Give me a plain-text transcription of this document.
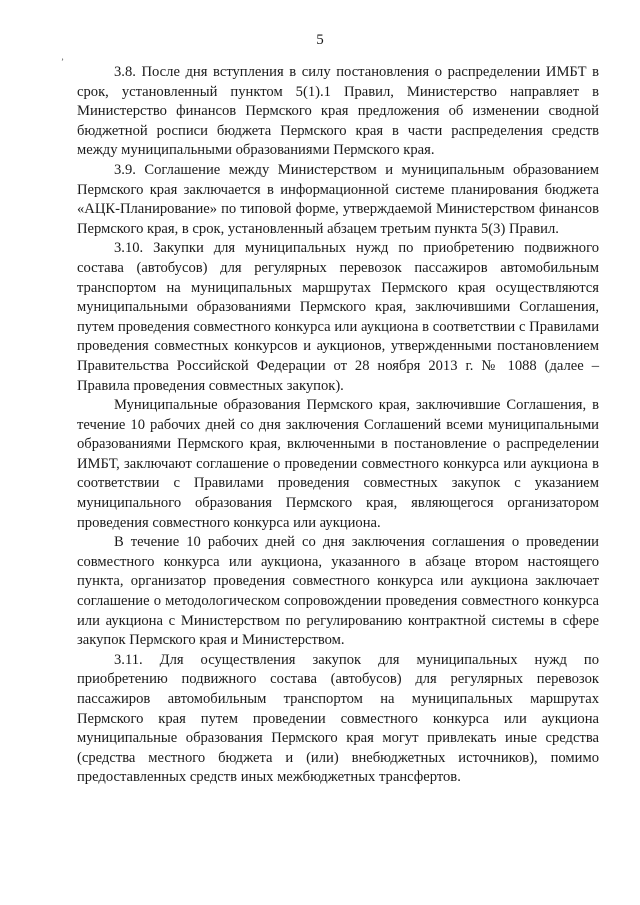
5
ʼ

3.8. После дня вступления в силу постановления о распределении ИМБТ в срок, установленный пунктом 5(1).1 Правил, Министерство направляет в Министерство финансов Пермского края предложения об изменении сводной бюджетной росписи бюджета Пермского края в части распределения средств между муниципальными образованиями Пермского края.

3.9. Соглашение между Министерством и муниципальным образованием Пермского края заключается в информационной системе планирования бюджета «АЦК-Планирование» по типовой форме, утверждаемой Министерством финансов Пермского края, в срок, установленный абзацем третьим пункта 5(3) Правил.

3.10. Закупки для муниципальных нужд по приобретению подвижного состава (автобусов) для регулярных перевозок пассажиров автомобильным транспортом на муниципальных маршрутах Пермского края осуществляются муниципальными образованиями Пермского края, заключившими Соглашения, путем проведения совместного конкурса или аукциона в соответствии с Правилами проведения совместных конкурсов и аукционов, утвержденными постановлением Правительства Российской Федерации от 28 ноября 2013 г. № 1088 (далее – Правила проведения совместных закупок).

Муниципальные образования Пермского края, заключившие Соглашения, в течение 10 рабочих дней со дня заключения Соглашений всеми муниципальными образованиями Пермского края, включенными в постановление о распределении ИМБТ, заключают соглашение о проведении совместного конкурса или аукциона в соответствии с Правилами проведения совместных закупок с указанием муниципального образования Пермского края, являющегося организатором проведения совместного конкурса или аукциона.

В течение 10 рабочих дней со дня заключения соглашения о проведении совместного конкурса или аукциона, указанного в абзаце втором настоящего пункта, организатор проведения совместного конкурса или аукциона заключает соглашение о методологическом сопровождении проведения совместного конкурса или аукциона с Министерством по регулированию контрактной системы в сфере закупок Пермского края и Министерством.

3.11. Для осуществления закупок для муниципальных нужд по приобретению подвижного состава (автобусов) для регулярных перевозок пассажиров автомобильным транспортом на муниципальных маршрутах Пермского края путем проведении совместного конкурса или аукциона муниципальные образования Пермского края могут привлекать иные средства (средства местного бюджета и (или) внебюджетных источников), помимо предоставленных средств иных межбюджетных трансфертов.
